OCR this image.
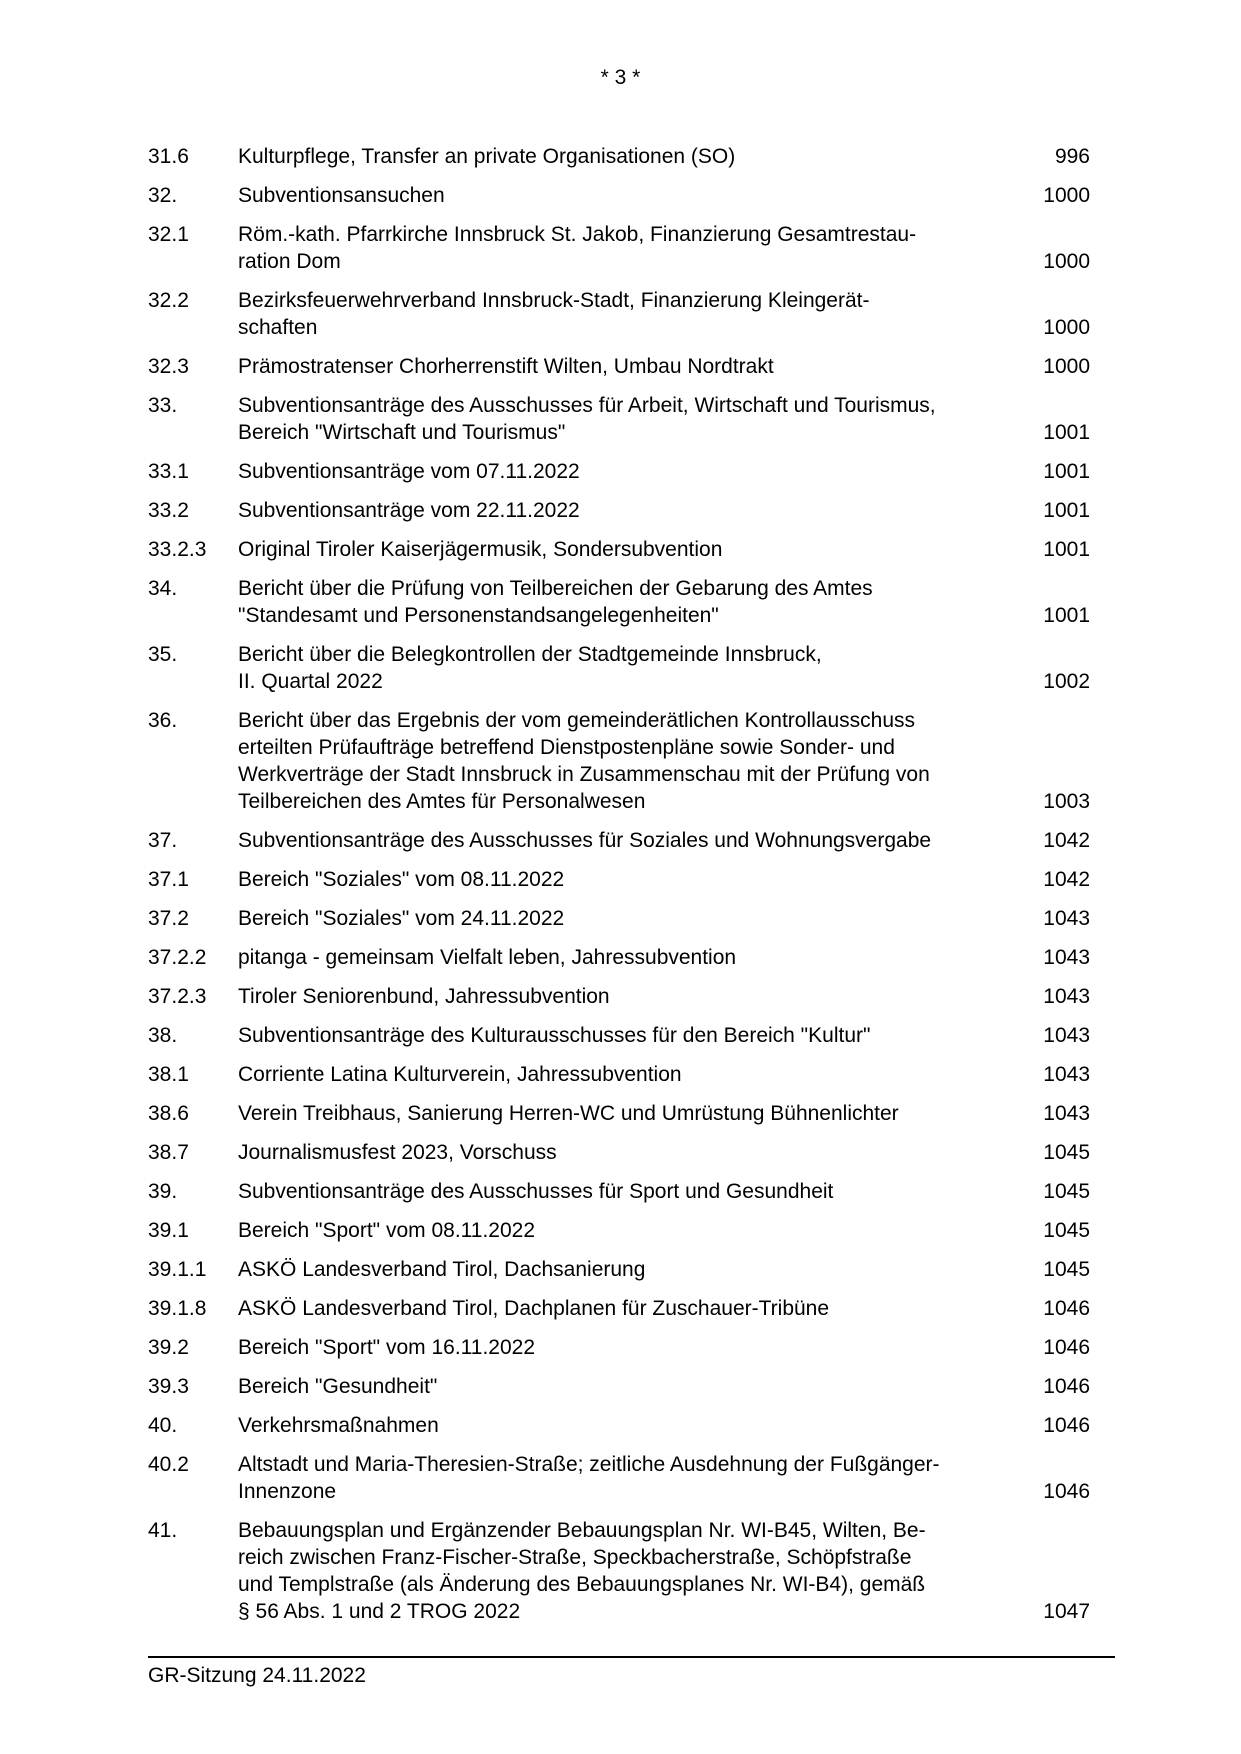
* 3 *
31.6	Kulturpflege, Transfer an private Organisationen (SO)	996
32.	Subventionsansuchen	1000
32.1	Röm.-kath. Pfarrkirche Innsbruck St. Jakob, Finanzierung Gesamtrestau-
ration Dom	1000
32.2	Bezirksfeuerwehrverband Innsbruck-Stadt, Finanzierung Kleingerät-
schaften	1000
32.3	Prämostratenser Chorherrenstift Wilten, Umbau Nordtrakt	1000
33.	Subventionsanträge des Ausschusses für Arbeit, Wirtschaft und Tourismus,
Bereich "Wirtschaft und Tourismus"	1001
33.1	Subventionsanträge vom 07.11.2022	1001
33.2	Subventionsanträge vom 22.11.2022	1001
33.2.3	Original Tiroler Kaiserjägermusik, Sondersubvention	1001
34.	Bericht über die Prüfung von Teilbereichen der Gebarung des Amtes
"Standesamt und Personenstandsangelegenheiten"	1001
35.	Bericht über die Belegkontrollen der Stadtgemeinde Innsbruck,
II. Quartal 2022	1002
36.	Bericht über das Ergebnis der vom gemeinderätlichen Kontrollausschuss
erteilten Prüfaufträge betreffend Dienstpostenpläne sowie Sonder- und
Werkverträge der Stadt Innsbruck in Zusammenschau mit der Prüfung von
Teilbereichen des Amtes für Personalwesen	1003
37.	Subventionsanträge des Ausschusses für Soziales und Wohnungsvergabe	1042
37.1	Bereich "Soziales" vom 08.11.2022	1042
37.2	Bereich "Soziales" vom 24.11.2022	1043
37.2.2	pitanga - gemeinsam Vielfalt leben, Jahressubvention	1043
37.2.3	Tiroler Seniorenbund, Jahressubvention	1043
38.	Subventionsanträge des Kulturausschusses für den Bereich "Kultur"	1043
38.1	Corriente Latina Kulturverein, Jahressubvention	1043
38.6	Verein Treibhaus, Sanierung Herren-WC und Umrüstung Bühnenlichter	1043
38.7	Journalismusfest 2023, Vorschuss	1045
39.	Subventionsanträge des Ausschusses für Sport und Gesundheit	1045
39.1	Bereich "Sport" vom 08.11.2022	1045
39.1.1	ASKÖ Landesverband Tirol, Dachsanierung	1045
39.1.8	ASKÖ Landesverband Tirol, Dachplanen für Zuschauer-Tribüne	1046
39.2	Bereich "Sport" vom 16.11.2022	1046
39.3	Bereich "Gesundheit"	1046
40.	Verkehrsmaßnahmen	1046
40.2	Altstadt und Maria-Theresien-Straße; zeitliche Ausdehnung der Fußgänger-
Innenzone	1046
41.	Bebauungsplan und Ergänzender Bebauungsplan Nr. WI-B45, Wilten, Be-
reich zwischen Franz-Fischer-Straße, Speckbacherstraße, Schöpfstraße
und Templstraße (als Änderung des Bebauungsplanes Nr. WI-B4), gemäß
§ 56 Abs. 1 und 2 TROG 2022	1047
GR-Sitzung 24.11.2022
